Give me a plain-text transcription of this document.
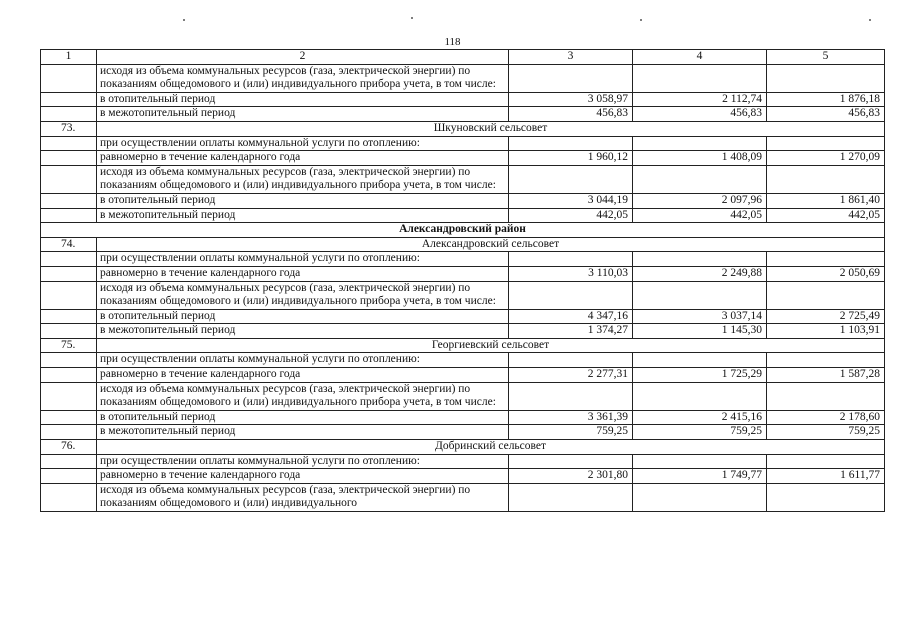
118
1	2	3	4	5
	исходя из объема коммунальных ресурсов (газа, электрической энергии) по показаниям общедомового и (или) индивидуального прибора учета, в том числе:			
	в отопительный период	3 058,97	2 112,74	1 876,18
	в межотопительный период	456,83	456,83	456,83
73.	Шкуновский сельсовет			
	при осуществлении оплаты коммунальной услуги по отоплению:			
	равномерно в течение календарного года	1 960,12	1 408,09	1 270,09
	исходя из объема коммунальных ресурсов (газа, электрической энергии) по показаниям общедомового и (или) индивидуального прибора учета, в том числе:			
	в отопительный период	3 044,19	2 097,96	1 861,40
	в межотопительный период	442,05	442,05	442,05
Александровский район				
74.	Александровский сельсовет			
	при осуществлении оплаты коммунальной услуги по отоплению:			
	равномерно в течение календарного года	3 110,03	2 249,88	2 050,69
	исходя из объема коммунальных ресурсов (газа, электрической энергии) по показаниям общедомового и (или) индивидуального прибора учета, в том числе:			
	в отопительный период	4 347,16	3 037,14	2 725,49
	в межотопительный период	1 374,27	1 145,30	1 103,91
75.	Георгиевский сельсовет			
	при осуществлении оплаты коммунальной услуги по отоплению:			
	равномерно в течение календарного года	2 277,31	1 725,29	1 587,28
	исходя из объема коммунальных ресурсов (газа, электрической энергии) по показаниям общедомового и (или) индивидуального прибора учета, в том числе:			
	в отопительный период	3 361,39	2 415,16	2 178,60
	в межотопительный период	759,25	759,25	759,25
76.	Добринский сельсовет			
	при осуществлении оплаты коммунальной услуги по отоплению:			
	равномерно в течение календарного года	2 301,80	1 749,77	1 611,77
	исходя из объема коммунальных ресурсов (газа, электрической энергии) по показаниям общедомового и (или) индивидуального			
